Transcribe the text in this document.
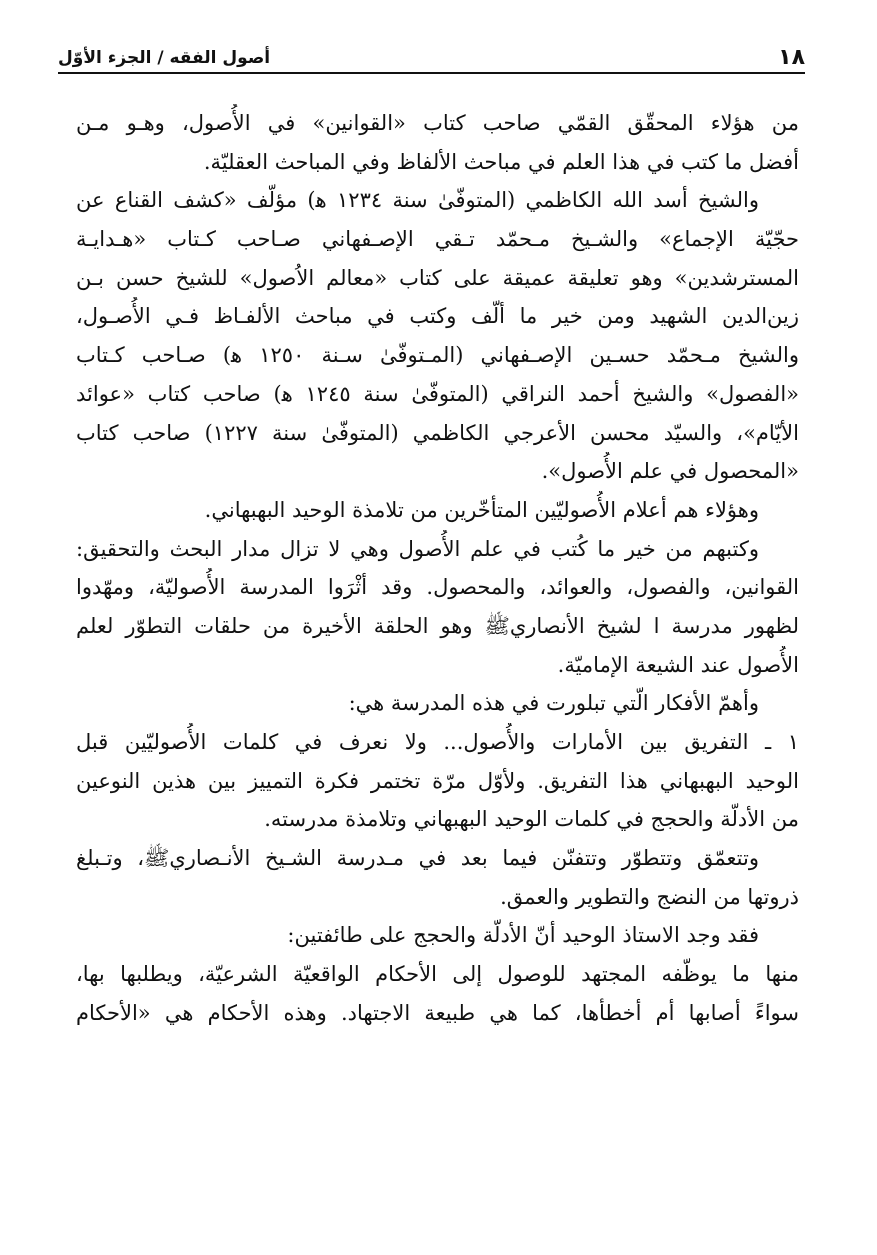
أصول الفقه / الجزء الأوّل	١٨
من هؤلاء المحقّق القمّي صاحب كتاب «القوانين» في الأُصول، وهـو مـن
أفضل ما كتب في هذا العلم في مباحث الألفاظ وفي المباحث العقليّة.
والشيخ أسد الله الكاظمي (المتوفّىٰ سنة ١٢٣٤ ﻫ) مؤلّف «كشف القناع عن
حجّيّة الإجماع» والشـيخ مـحمّد تـقي الإصـفهاني صـاحب كـتاب «هـدايـة
المسترشدين» وهو تعليقة عميقة على كتاب «معالم الاُصول» للشيخ حسن بـن
زين‌الدين الشهيد ومن خير ما ألّف وكتب في مباحث الألفـاظ فـي الأُصـول،
والشيخ مـحمّد حسـين الإصـفهاني (المـتوفّىٰ سـنة ١٢٥٠ ﻫ) صـاحب كـتاب
«الفصول» والشيخ أحمد النراقي (المتوفّىٰ سنة ١٢٤٥ ﻫ) صاحب كتاب «عوائد
الأيّام»، والسيّد محسن الأعرجي الكاظمي (المتوفّىٰ سنة ١٢٢٧) صاحب كتاب
«المحصول في علم الأُصول».
وهؤلاء هم أعلام الأُصوليّين المتأخّرين من تلامذة الوحيد البهبهاني.
وكتبهم من خير ما كُتب في علم الأُصول وهي لا تزال مدار البحث والتحقيق:
القوانين، والفصول، والعوائد، والمحصول. وقد أثْرَوا المدرسة الأُصوليّة، ومهّدوا
لظهور مدرسة ا لشيخ الأنصاريﷺ وهو الحلقة الأخيرة من حلقات التطوّر لعلم
الأُصول عند الشيعة الإماميّة.
وأهمّ الأفكار الّتي تبلورت في هذه المدرسة هي:
١ ـ التفريق بين الأمارات والأُصول... ولا نعرف في كلمات الأُصوليّين قبل
الوحيد البهبهاني هذا التفريق. ولأوّل مرّة تختمر فكرة التمييز بين هذين النوعين
من الأدلّة والحجج في كلمات الوحيد البهبهاني وتلامذة مدرسته.
وتتعمّق وتتطوّر وتتفنّن فيما بعد في مـدرسة الشـيخ الأنـصاريﷺ، وتـبلغ
ذروتها من النضج والتطوير والعمق.
فقد وجد الاستاذ الوحيد أنّ الأدلّة والحجج على طائفتين:
منها ما يوظّفه المجتهد للوصول إلى الأحكام الواقعيّة الشرعيّة، ويطلبها بها،
سواءً أصابها أم أخطأها، كما هي طبيعة الاجتهاد. وهذه الأحكام هي «الأحكام
